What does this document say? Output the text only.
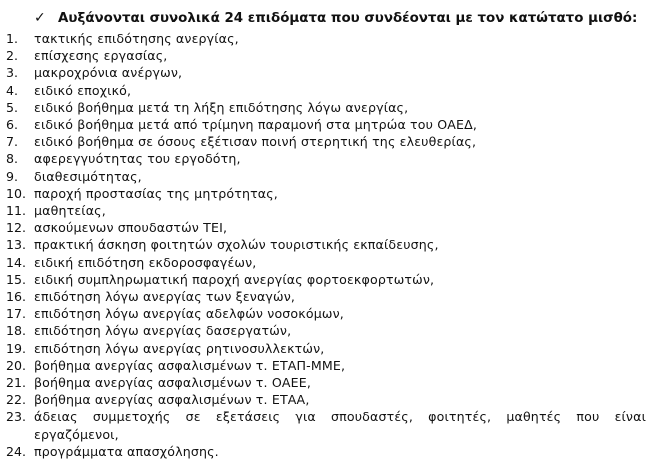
✓ Αυξάνονται συνολικά 24 επιδόματα που συνδέονται με τον κατώτατο μισθό:
1.	τακτικής επιδότησης ανεργίας,
2.	επίσχεσης εργασίας,
3.	μακροχρόνια ανέργων,
4.	ειδικό εποχικό,
5.	ειδικό βοήθημα μετά τη λήξη επιδότησης λόγω ανεργίας,
6.	ειδικό βοήθημα μετά από τρίμηνη παραμονή στα μητρώα του ΟΑΕΔ,
7.	ειδικό βοήθημα σε όσους εξέτισαν ποινή στερητική της ελευθερίας,
8.	αφερεγγυότητας του εργοδότη,
9.	διαθεσιμότητας,
10. παροχή προστασίας της μητρότητας,
11. μαθητείας,
12. ασκούμενων σπουδαστών ΤΕΙ,
13. πρακτική άσκηση φοιτητών σχολών τουριστικής εκπαίδευσης,
14. ειδική επιδότηση εκδοροσφαγέων,
15. ειδική συμπληρωματική παροχή ανεργίας φορτοεκφορτωτών,
16. επιδότηση λόγω ανεργίας των ξεναγών,
17. επιδότηση λόγω ανεργίας αδελφών νοσοκόμων,
18. επιδότηση λόγω ανεργίας δασεργατών,
19. επιδότηση λόγω ανεργίας ρητινοσυλλεκτών,
20. βοήθημα ανεργίας ασφαλισμένων τ. ΕΤΑΠ-ΜΜΕ,
21. βοήθημα ανεργίας ασφαλισμένων τ. ΟΑΕΕ,
22. βοήθημα ανεργίας ασφαλισμένων τ. ΕΤΑΑ,
23. άδειας συμμετοχής σε εξετάσεις για σπουδαστές, φοιτητές, μαθητές που είναι εργαζόμενοι,
24. προγράμματα απασχόλησης.
